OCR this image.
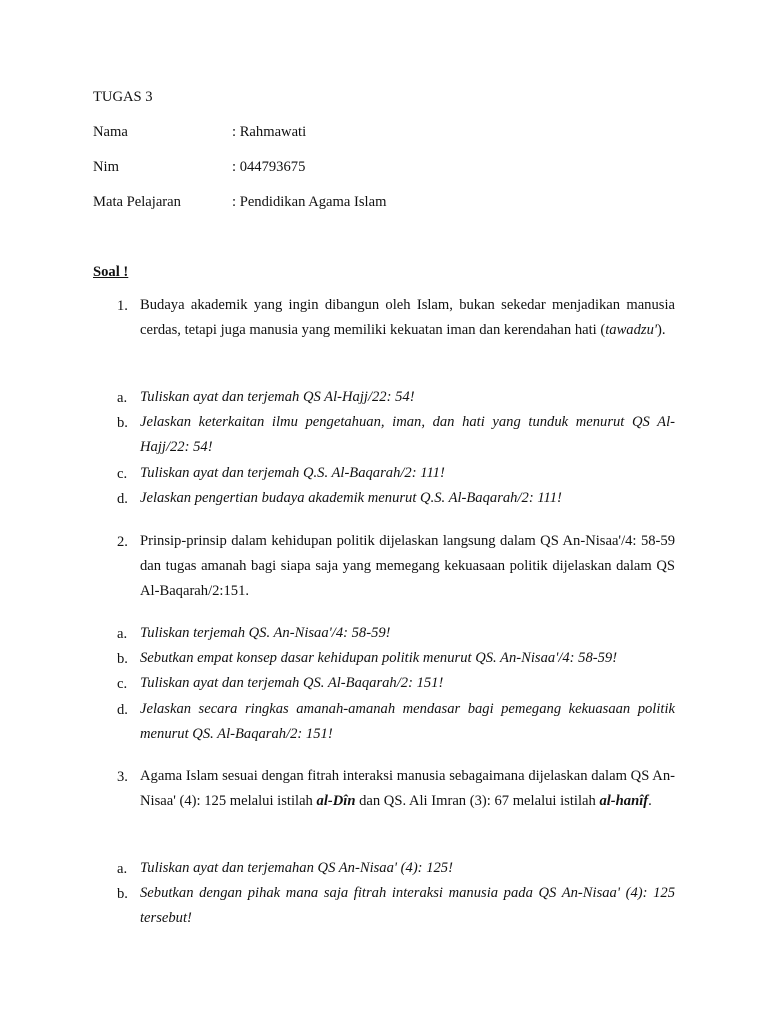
TUGAS 3
Nama	: Rahmawati
Nim	: 044793675
Mata Pelajaran	: Pendidikan Agama Islam
Soal !
1. Budaya akademik yang ingin dibangun oleh Islam, bukan sekedar menjadikan manusia cerdas, tetapi juga manusia yang memiliki kekuatan iman dan kerendahan hati (tawadzu').
a. Tuliskan ayat dan terjemah QS Al-Hajj/22: 54!
b. Jelaskan keterkaitan ilmu pengetahuan, iman, dan hati yang tunduk menurut QS Al-Hajj/22: 54!
c. Tuliskan ayat dan terjemah Q.S. Al-Baqarah/2: 111!
d. Jelaskan pengertian budaya akademik menurut Q.S. Al-Baqarah/2: 111!
2. Prinsip-prinsip dalam kehidupan politik dijelaskan langsung dalam QS An-Nisaa'/4: 58-59 dan tugas amanah bagi siapa saja yang memegang kekuasaan politik dijelaskan dalam QS Al-Baqarah/2:151.
a. Tuliskan terjemah QS. An-Nisaa'/4: 58-59!
b. Sebutkan empat konsep dasar kehidupan politik menurut QS. An-Nisaa'/4: 58-59!
c. Tuliskan ayat dan terjemah QS. Al-Baqarah/2: 151!
d. Jelaskan secara ringkas amanah-amanah mendasar bagi pemegang kekuasaan politik menurut QS. Al-Baqarah/2: 151!
3. Agama Islam sesuai dengan fitrah interaksi manusia sebagaimana dijelaskan dalam QS An-Nisaa' (4): 125 melalui istilah al-Dîn dan QS. Ali Imran (3): 67 melalui istilah al-hanîf.
a. Tuliskan ayat dan terjemahan QS An-Nisaa' (4): 125!
b. Sebutkan dengan pihak mana saja fitrah interaksi manusia pada QS An-Nisaa' (4): 125 tersebut!
